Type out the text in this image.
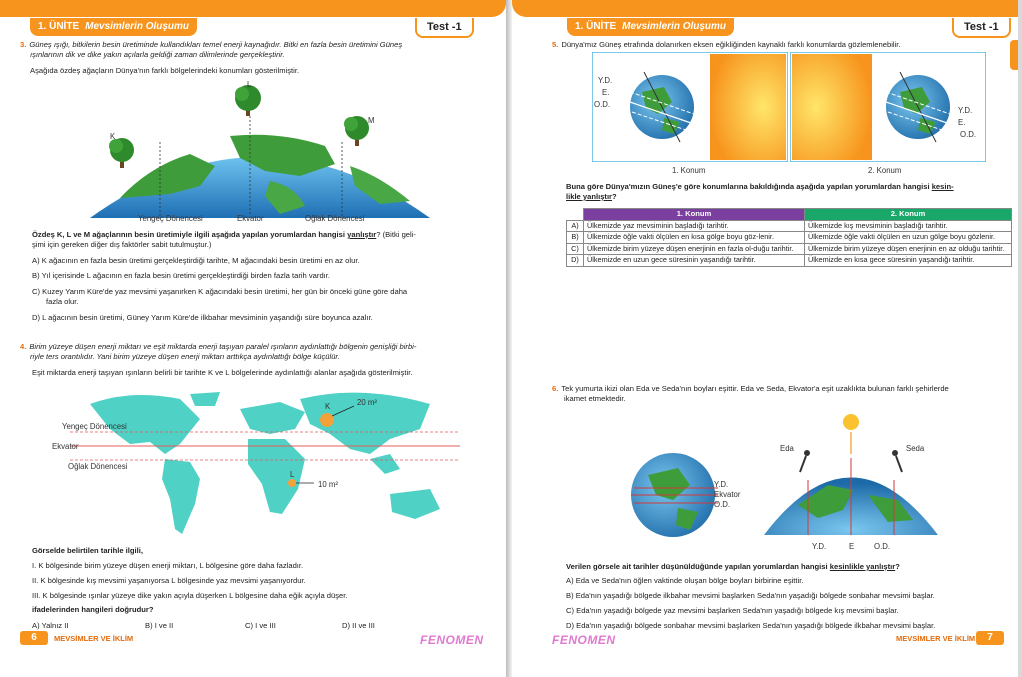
1. ÜNİTE Mevsimlerin Oluşumu	Test -1
3. Güneş ışığı, bitkilerin besin üretiminde kullandıkları temel enerji kaynağıdır. Bitki en fazla besin üretimini Güneş
ışınlarının dik ve dike yakın açılarla geldiği zaman dilimlerinde gerçekleştirir.
Aşağıda özdeş ağaçların Dünya'nın farklı bölgelerindeki konumları gösterilmiştir.
K
L
M
Yengeç Dönencesi	Ekvator	Oğlak Dönencesi
Özdeş K, L ve M ağaçlarının besin üretimiyle ilgili aşağıda yapılan yorumlardan hangisi yanlıştır? (Bitki geli-
şimi için gereken diğer dış faktörler sabit tutulmuştur.)
A) K ağacının en fazla besin üretimi gerçekleştirdiği tarihte, M ağacındaki besin üretimi en az olur.
B) Yıl içerisinde L ağacının en fazla besin üretimi gerçekleştirdiği birden fazla tarih vardır.
C) Kuzey Yarım Küre'de yaz mevsimi yaşanırken K ağacındaki besin üretimi, her gün bir önceki güne göre daha
fazla olur.
D) L ağacının besin üretimi, Güney Yarım Küre'de ilkbahar mevsiminin yaşandığı süre boyunca azalır.
4. Birim yüzeye düşen enerji miktarı ve eşit miktarda enerji taşıyan paralel ışınların aydınlattığı bölgenin genişliği birbi-
riyle ters orantılıdır. Yani birim yüzeye düşen enerji miktarı arttıkça aydınlattığı bölge küçülür.
Eşit miktarda enerji taşıyan ışınların belirli bir tarihte K ve L bölgelerinde aydınlattığı alanlar aşağıda gösterilmiştir.
K	20 m²
L
10 m²
Yengeç Dönencesi
Ekvator
Oğlak Dönencesi
Görselde belirtilen tarihle ilgili,
I. K bölgesinde birim yüzeye düşen enerji miktarı, L bölgesine göre daha fazladır.
II. K bölgesinde kış mevsimi yaşanıyorsa L bölgesinde yaz mevsimi yaşanıyordur.
III. K bölgesinde ışınlar yüzeye dike yakın açıyla düşerken L bölgesine daha eğik açıyla düşer.
ifadelerinden hangileri doğrudur?
A) Yalnız II	B) I ve II	C) I ve III	D) II ve III
6	MEVSİMLER VE İKLİM	FENOMEN
1. ÜNİTE Mevsimlerin Oluşumu	Test -1
5. Dünya'mız Güneş etrafında dolanırken eksen eğikliğinden kaynaklı farklı konumlarda gözlemlenebilir.
Y.D.
E.
O.D.
Y.D.
E.
O.D.
1. Konum	2. Konum
Buna göre Dünya'mızın Güneş'e göre konumlarına bakıldığında aşağıda yapılan yorumlardan hangisi kesin-
likle yanlıştır?
	1. Konum	2. Konum
A)	Ülkemizde yaz mevsiminin başladığı tarihtir.	Ülkemizde kış mevsiminin başladığı tarihtir.
B)	Ülkemizde öğle vakti ölçülen en kısa gölge boyu göz-lenir.	Ülkemizde öğle vakti ölçülen en uzun gölge boyu gözlenir.
C)	Ülkemizde birim yüzeye düşen enerjinin en fazla ol-duğu tarihtir.	Ülkemizde birim yüzeye düşen enerjinin en az olduğu tarihtir.
D)	Ülkemizde en uzun gece süresinin yaşandığı tarihtir.	Ülkemizde en kısa gece süresinin yaşandığı tarihtir.
6. Tek yumurta ikizi olan Eda ve Seda'nın boyları eşittir. Eda ve Seda, Ekvator'a eşit uzaklıkta bulunan farklı şehirlerde
ikamet etmektedir.
Y.D.
Ekvator
O.D.
Eda	Seda
Y.D.	E	O.D.
Verilen görsele ait tarihler düşünüldüğünde yapılan yorumlardan hangisi kesinlikle yanlıştır?
A) Eda ve Seda'nın öğlen vaktinde oluşan bölge boyları birbirine eşittir.
B) Eda'nın yaşadığı bölgede ilkbahar mevsimi başlarken Seda'nın yaşadığı bölgede sonbahar mevsimi başlar.
C) Eda'nın yaşadığı bölgede yaz mevsimi başlarken Seda'nın yaşadığı bölgede kış mevsimi başlar.
D) Eda'nın yaşadığı bölgede sonbahar mevsimi başlarken Seda'nın yaşadığı bölgede ilkbahar mevsimi başlar.
FENOMEN	MEVSİMLER VE İKLİM	7
